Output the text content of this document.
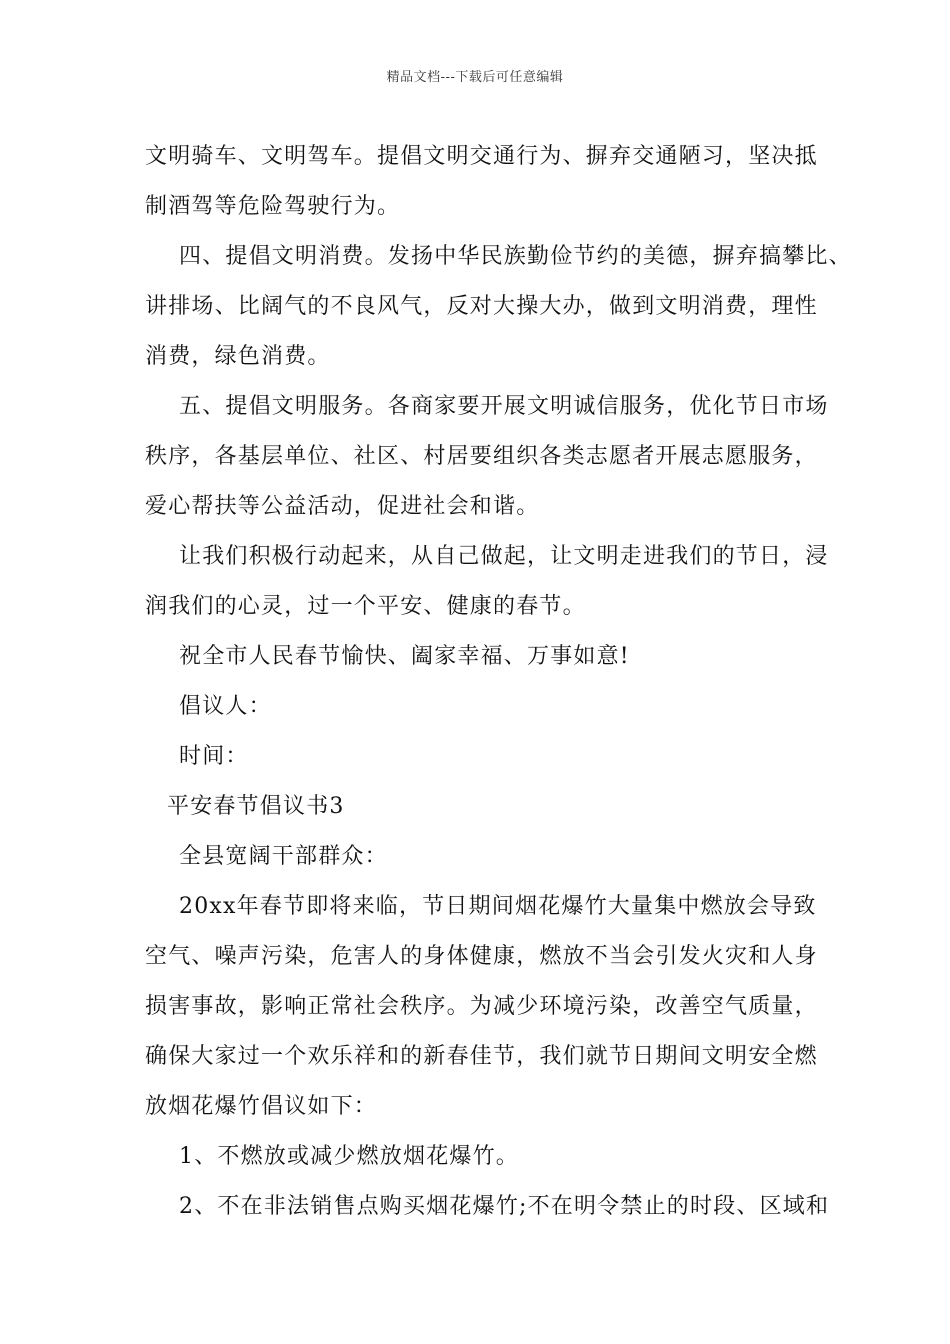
精品文档---下载后可任意编辑
文明骑车、文明驾车。提倡文明交通行为、摒弃交通陋习，坚决抵
制酒驾等危险驾驶行为。
四、提倡文明消费。发扬中华民族勤俭节约的美德，摒弃搞攀比、
讲排场、比阔气的不良风气，反对大操大办，做到文明消费，理性
消费，绿色消费。
五、提倡文明服务。各商家要开展文明诚信服务，优化节日市场
秩序，各基层单位、社区、村居要组织各类志愿者开展志愿服务，
爱心帮扶等公益活动，促进社会和谐。
让我们积极行动起来，从自己做起，让文明走进我们的节日，浸
润我们的心灵，过一个平安、健康的春节。
祝全市人民春节愉快、阖家幸福、万事如意!
倡议人：
时间：
平安春节倡议书3
全县宽阔干部群众：
20xx年春节即将来临，节日期间烟花爆竹大量集中燃放会导致
空气、噪声污染，危害人的身体健康，燃放不当会引发火灾和人身
损害事故，影响正常社会秩序。为减少环境污染，改善空气质量，
确保大家过一个欢乐祥和的新春佳节，我们就节日期间文明安全燃
放烟花爆竹倡议如下：
1、不燃放或减少燃放烟花爆竹。
2、不在非法销售点购买烟花爆竹;不在明令禁止的时段、区域和
